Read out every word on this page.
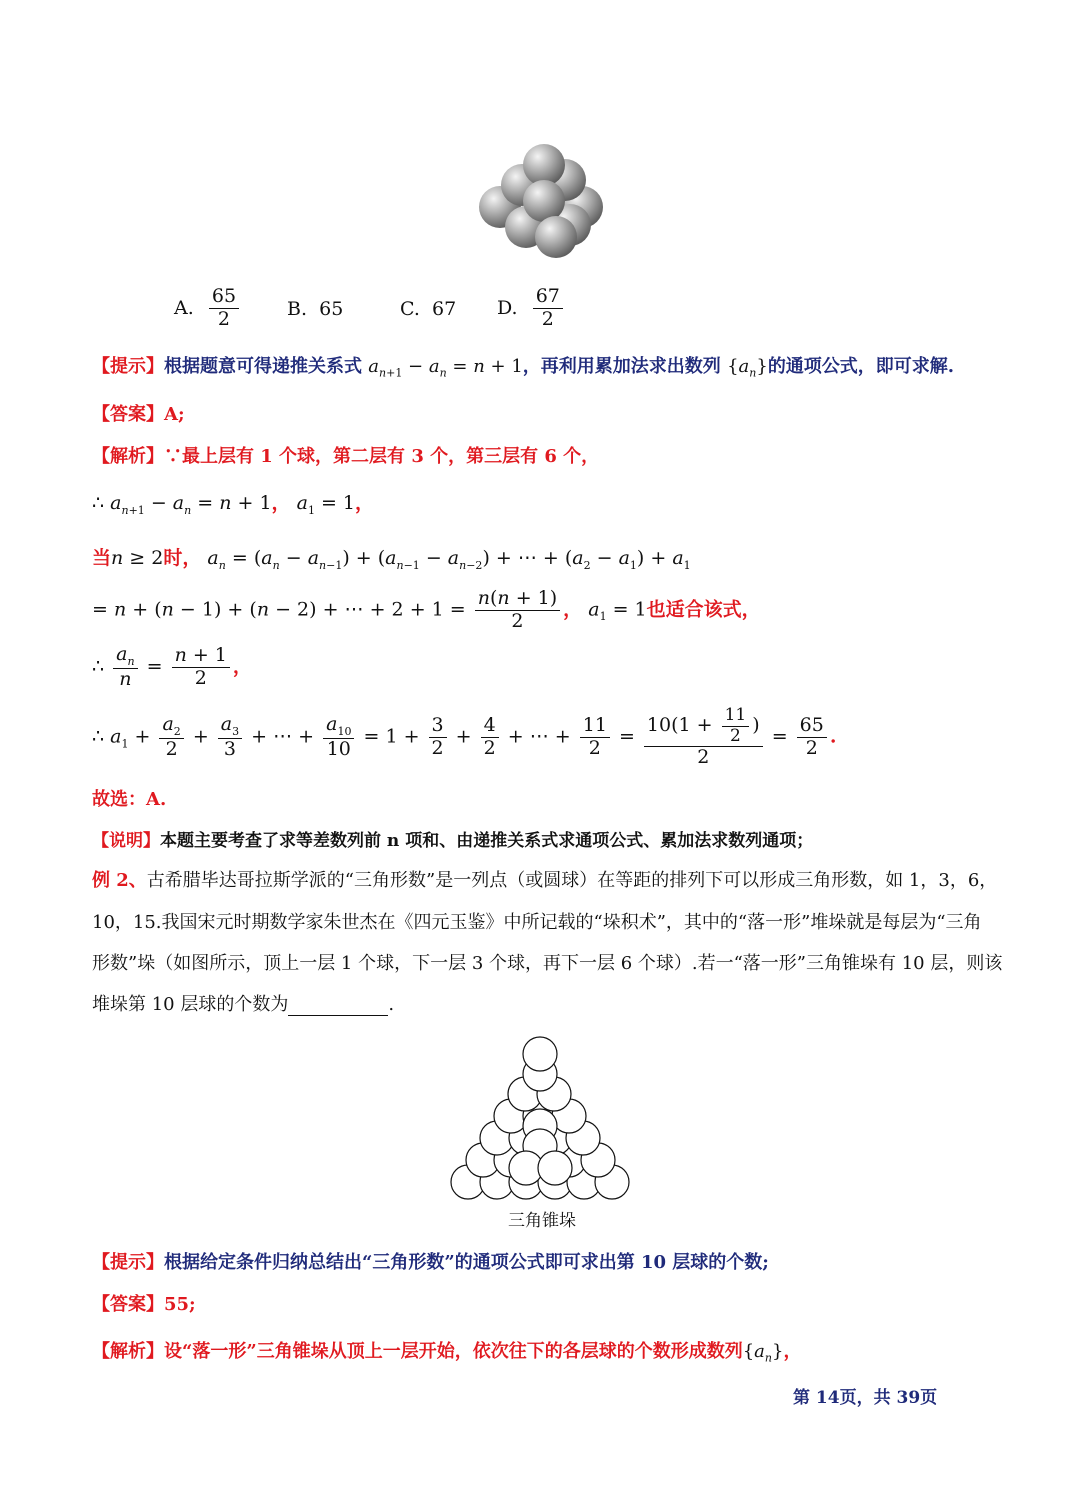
A.
$\frac{65}{2}$	B.
65	C.
67 D.
$\frac{67}{2}$
【提示】根据题意可得递推关系式 $a_{n+1} - a_n = n + 1$，再利用累加法求出数列 $\{a_n\}$的通项公式，即可求解.
【答案】A;
【解析】∵最上层有 1 个球，第二层有 3 个，第三层有 6 个，
∴ $a_{n+1} - a_n = n + 1$， $a_1 = 1$，
当n ≥ 2时， $a_n = (a_n - a_{n-1}) + (a_{n-1} - a_{n-2})$ + ⋯ + $(a_2 - a_1) + a_1$
= n + (n − 1) + (n − 2) + ⋯ + $2 + 1 = \frac{n(n + 1)}{2}$ ， $a_1 = 1$也适合该式，
∴ $\frac{a_n}{n} = \frac{n + 1}{2}$ ，
∴ $a_1 + \frac{a_2}{2} + \frac{a_3}{3}$ + ⋯ + $\frac{a_{10}}{10} = 1 + \frac{3}{2} + \frac{4}{2}$ + ⋯ + $\frac{11}{2} = \frac{10(1 + \frac{11}{2} )}{2} = \frac{65}{2}$ .
故选：A.
【说明】本题主要考查了求等差数列前 n 项和、由递推关系式求通项公式、累加法求数列通项；
例 2、古希腊毕达哥拉斯学派的“三角形数”是一列点（或圆球）在等距的排列下可以形成三角形数，如 1，3，6，
10，15.我国宋元时期数学家朱世杰在《四元玉鉴》中所记载的“垛积术”，其中的“落一形”堆垛就是每层为“三角
形数”垛（如图所示，顶上一层 1 个球，下一层 3 个球，再下一层 6 个球）.若一“落一形”三角锥垛有 10 层，则该
堆垛第 10 层球的个数为	.
三角锥垛
【提示】根据给定条件归纳总结出“三角形数”的通项公式即可求出第 10 层球的个数;
【答案】55;
【解析】设“落一形”三角锥垛从顶上一层开始，依次往下的各层球的个数形成数列$\{a_n\}$，
第 14页，共 39页
